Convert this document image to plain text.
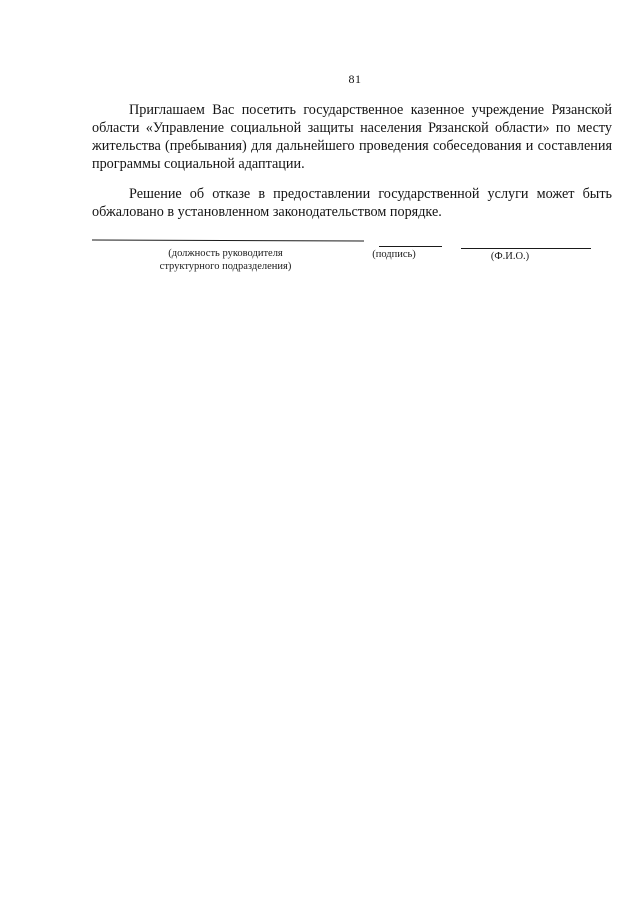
81

Приглашаем Вас посетить государственное казенное учреждение Рязанской области «Управление социальной защиты населения Рязанской области» по месту жительства (пребывания) для дальнейшего проведения собеседования и составления программы социальной адаптации.

Решение об отказе в предоставлении государственной услуги может быть обжаловано в установленном законодательством порядке.

(должность руководителя
структурного подразделения)
(подпись)	(Ф.И.О.)
